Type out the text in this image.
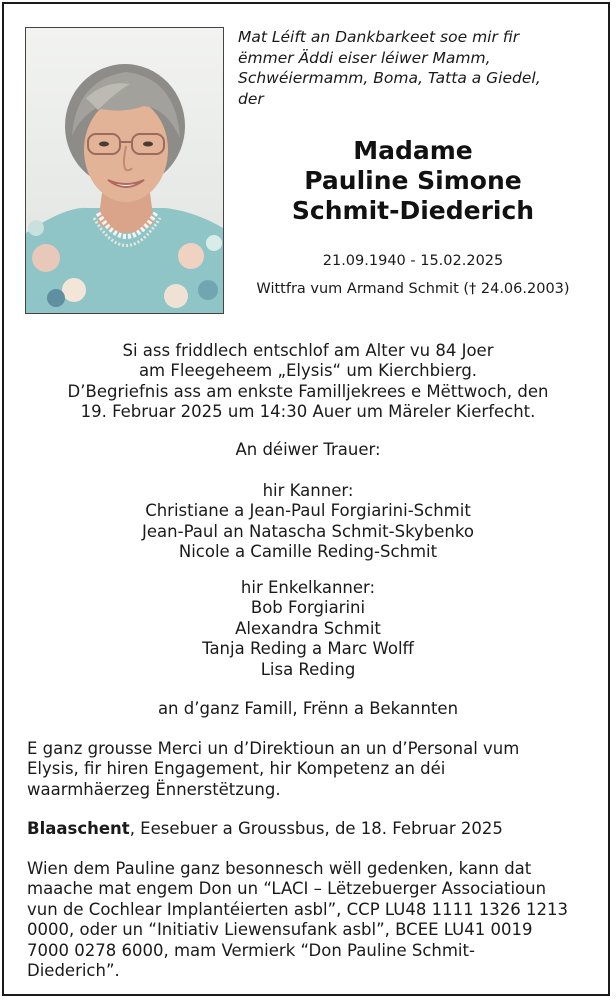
Mat Léift an Dankbarkeet soe mir fir
ëmmer Äddi eiser léiwer Mamm,
Schwéiermamm, Boma, Tatta a Giedel,
der
Madame
Pauline Simone
Schmit-Diederich
21.09.1940 - 15.02.2025
Wittfra vum Armand Schmit († 24.06.2003)
Si ass friddlech entschlof am Alter vu 84 Joer
am Fleegeheem „Elysis“ um Kierchbierg.
D’Begriefnis ass am enkste Familljekrees e Mëttwoch, den
19. Februar 2025 um 14:30 Auer um Märeler Kierfecht.
An déiwer Trauer:
hir Kanner:
Christiane a Jean-Paul Forgiarini-Schmit
Jean-Paul an Natascha Schmit-Skybenko
Nicole a Camille Reding-Schmit
hir Enkelkanner:
Bob Forgiarini
Alexandra Schmit
Tanja Reding a Marc Wolff
Lisa Reding
an d’ganz Famill, Frënn a Bekannten
E ganz grousse Merci un d’Direktioun an un d’Personal vum
Elysis, fir hiren Engagement, hir Kompetenz an déi
waarmhäerzeg Ënnerstëtzung.
Blaaschent, Eesebuer a Groussbus, de 18. Februar 2025
Wien dem Pauline ganz besonnesch wëll gedenken, kann dat
maache mat engem Don un “LACI – Lëtzebuerger Associatioun
vun de Cochlear Implantéierten asbl”, CCP LU48 1111 1326 1213
0000, oder un “Initiativ Liewensufank asbl”, BCEE LU41 0019
7000 0278 6000, mam Vermierk “Don Pauline Schmit-
Diederich”.
